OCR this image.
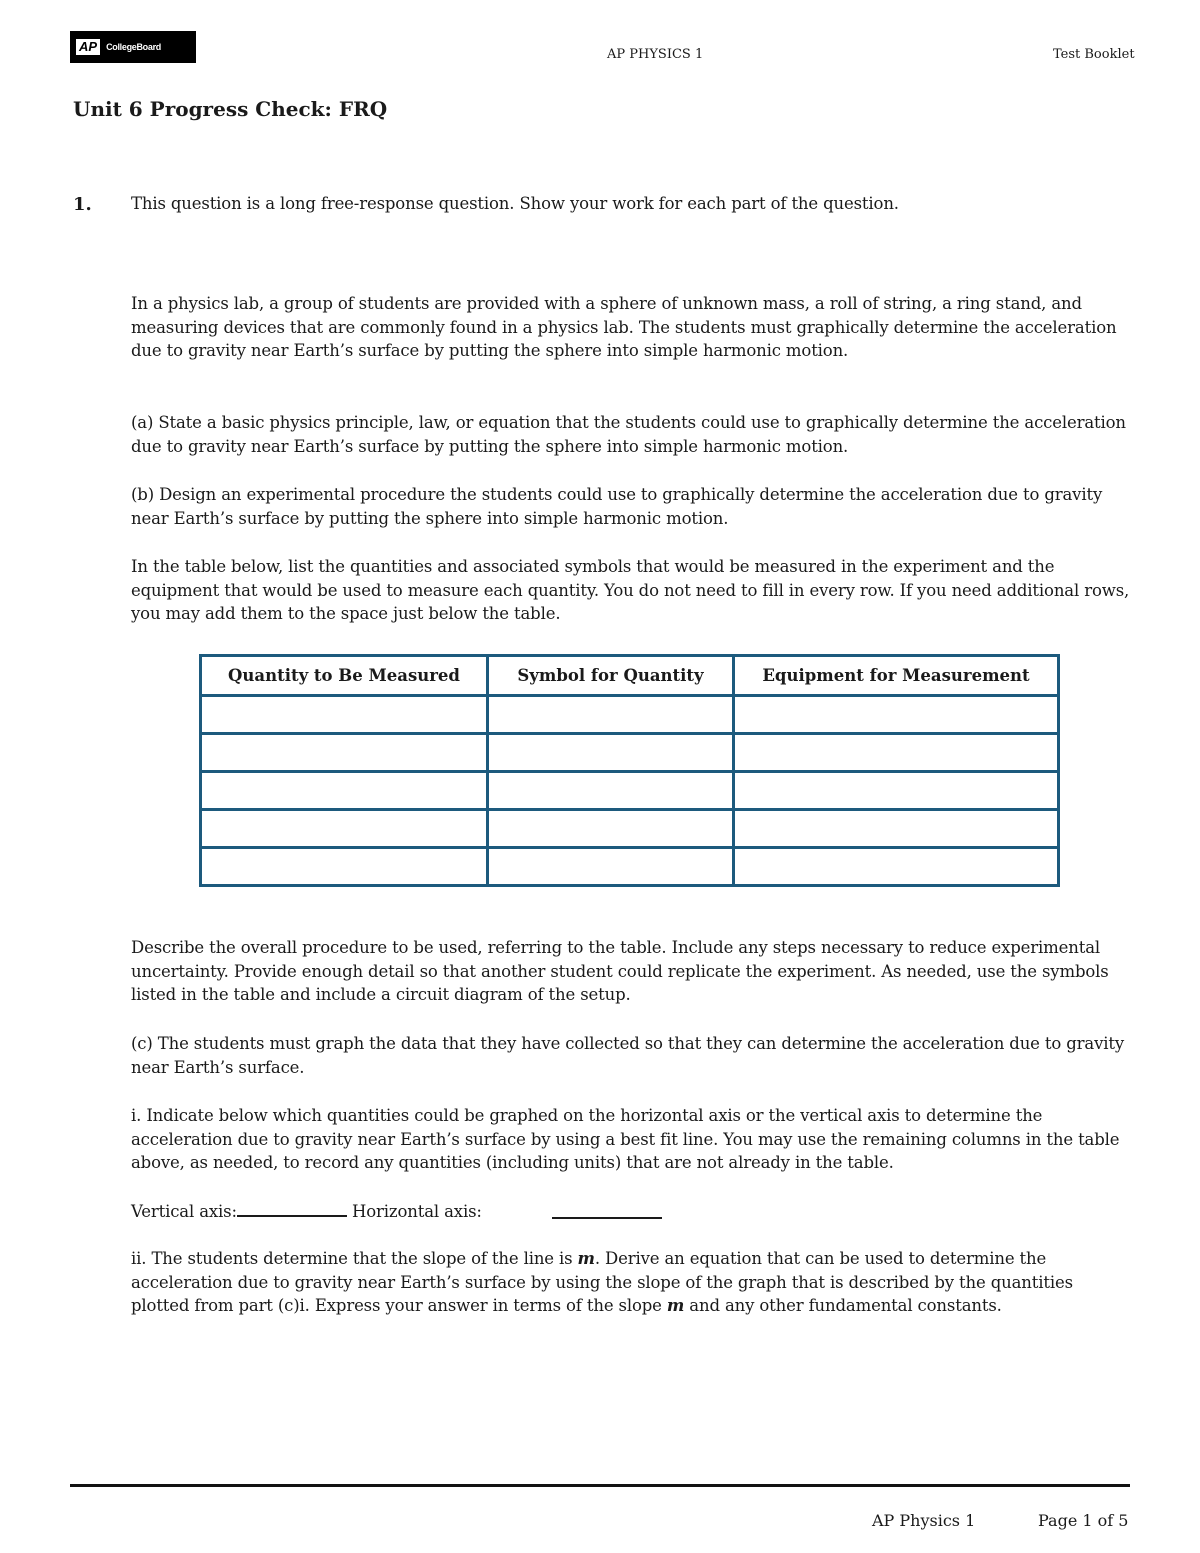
AP	CollegeBoard	AP PHYSICS 1	Test Booklet
Unit 6 Progress Check: FRQ
1. This question is a long free-response question. Show your work for each part of the question.

In a physics lab, a group of students are provided with a sphere of unknown mass, a roll of string, a ring stand, and measuring devices that are commonly found in a physics lab. The students must graphically determine the acceleration due to gravity near Earth’s surface by putting the sphere into simple harmonic motion.

(a) State a basic physics principle, law, or equation that the students could use to graphically determine the acceleration due to gravity near Earth’s surface by putting the sphere into simple harmonic motion.

(b) Design an experimental procedure the students could use to graphically determine the acceleration due to gravity near Earth’s surface by putting the sphere into simple harmonic motion.

In the table below, list the quantities and associated symbols that would be measured in the experiment and the equipment that would be used to measure each quantity. You do not need to fill in every row. If you need additional rows, you may add them to the space just below the table.

Quantity to Be Measured	Symbol for Quantity	Equipment for Measurement

Describe the overall procedure to be used, referring to the table. Include any steps necessary to reduce experimental uncertainty. Provide enough detail so that another student could replicate the experiment. As needed, use the symbols listed in the table and include a circuit diagram of the setup.

(c) The students must graph the data that they have collected so that they can determine the acceleration due to gravity near Earth’s surface.

i. Indicate below which quantities could be graphed on the horizontal axis or the vertical axis to determine the acceleration due to gravity near Earth’s surface by using a best fit line. You may use the remaining columns in the table above, as needed, to record any quantities (including units) that are not already in the table.

Vertical axis:	Horizontal axis:

ii. The students determine that the slope of the line is m. Derive an equation that can be used to determine the acceleration due to gravity near Earth’s surface by using the slope of the graph that is described by the quantities plotted from part (c)i. Express your answer in terms of the slope m and any other fundamental constants.

AP Physics 1	Page 1 of 5
